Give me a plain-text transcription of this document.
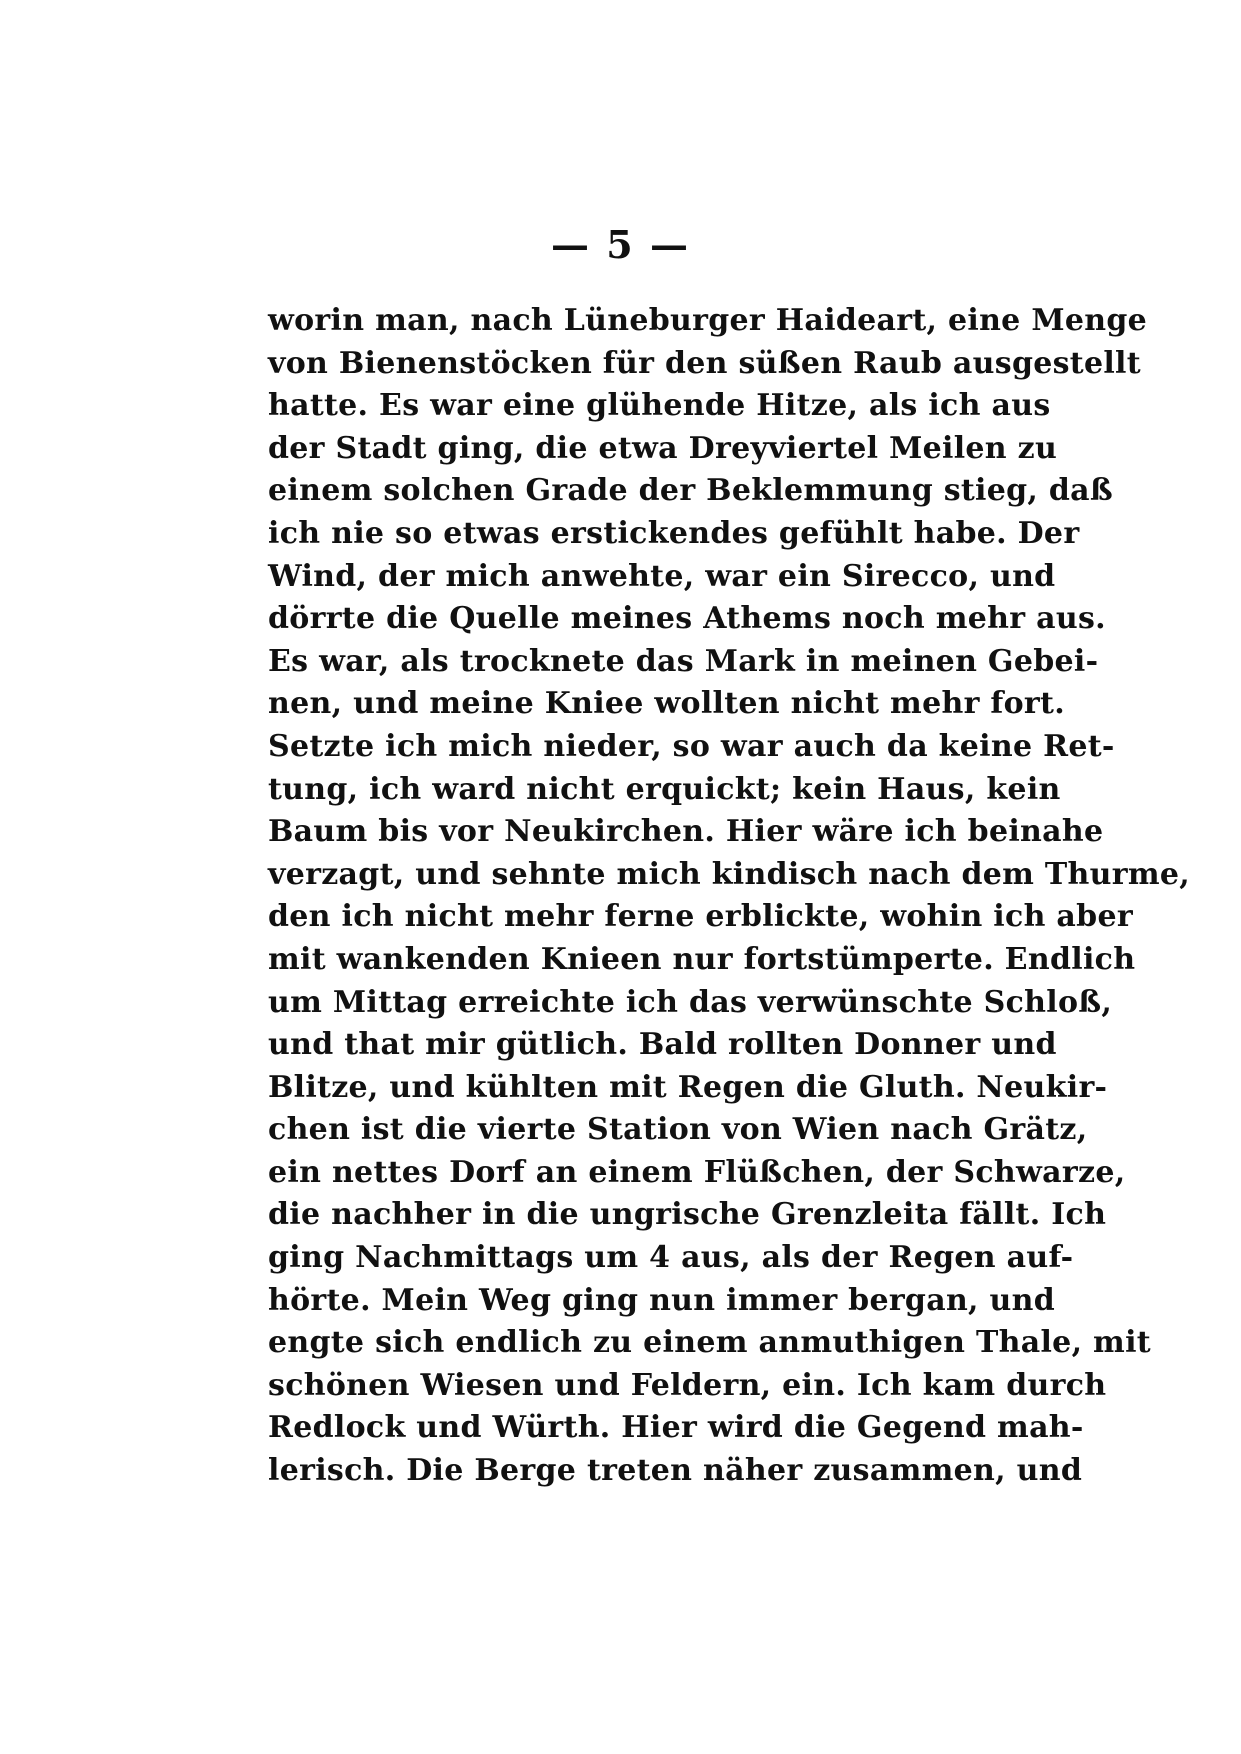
— 5 —
worin man, nach Lüneburger Haideart, eine Menge
von Bienenstöcken für den süßen Raub ausgestellt
hatte. Es war eine glühende Hitze, als ich aus
der Stadt ging, die etwa Dreyviertel Meilen zu
einem solchen Grade der Beklemmung stieg, daß
ich nie so etwas erstickendes gefühlt habe. Der
Wind, der mich anwehte, war ein Sirecco, und
dörrte die Quelle meines Athems noch mehr aus.
Es war, als trocknete das Mark in meinen Gebei-
nen, und meine Kniee wollten nicht mehr fort.
Setzte ich mich nieder, so war auch da keine Ret-
tung, ich ward nicht erquickt; kein Haus, kein
Baum bis vor Neukirchen. Hier wäre ich beinahe
verzagt, und sehnte mich kindisch nach dem Thurme,
den ich nicht mehr ferne erblickte, wohin ich aber
mit wankenden Knieen nur fortstümperte. Endlich
um Mittag erreichte ich das verwünschte Schloß,
und that mir gütlich. Bald rollten Donner und
Blitze, und kühlten mit Regen die Gluth. Neukir-
chen ist die vierte Station von Wien nach Grätz,
ein nettes Dorf an einem Flüßchen, der Schwarze,
die nachher in die ungrische Grenzleita fällt. Ich
ging Nachmittags um 4 aus, als der Regen auf-
hörte. Mein Weg ging nun immer bergan, und
engte sich endlich zu einem anmuthigen Thale, mit
schönen Wiesen und Feldern, ein. Ich kam durch
Redlock und Würth. Hier wird die Gegend mah-
lerisch. Die Berge treten näher zusammen, und
